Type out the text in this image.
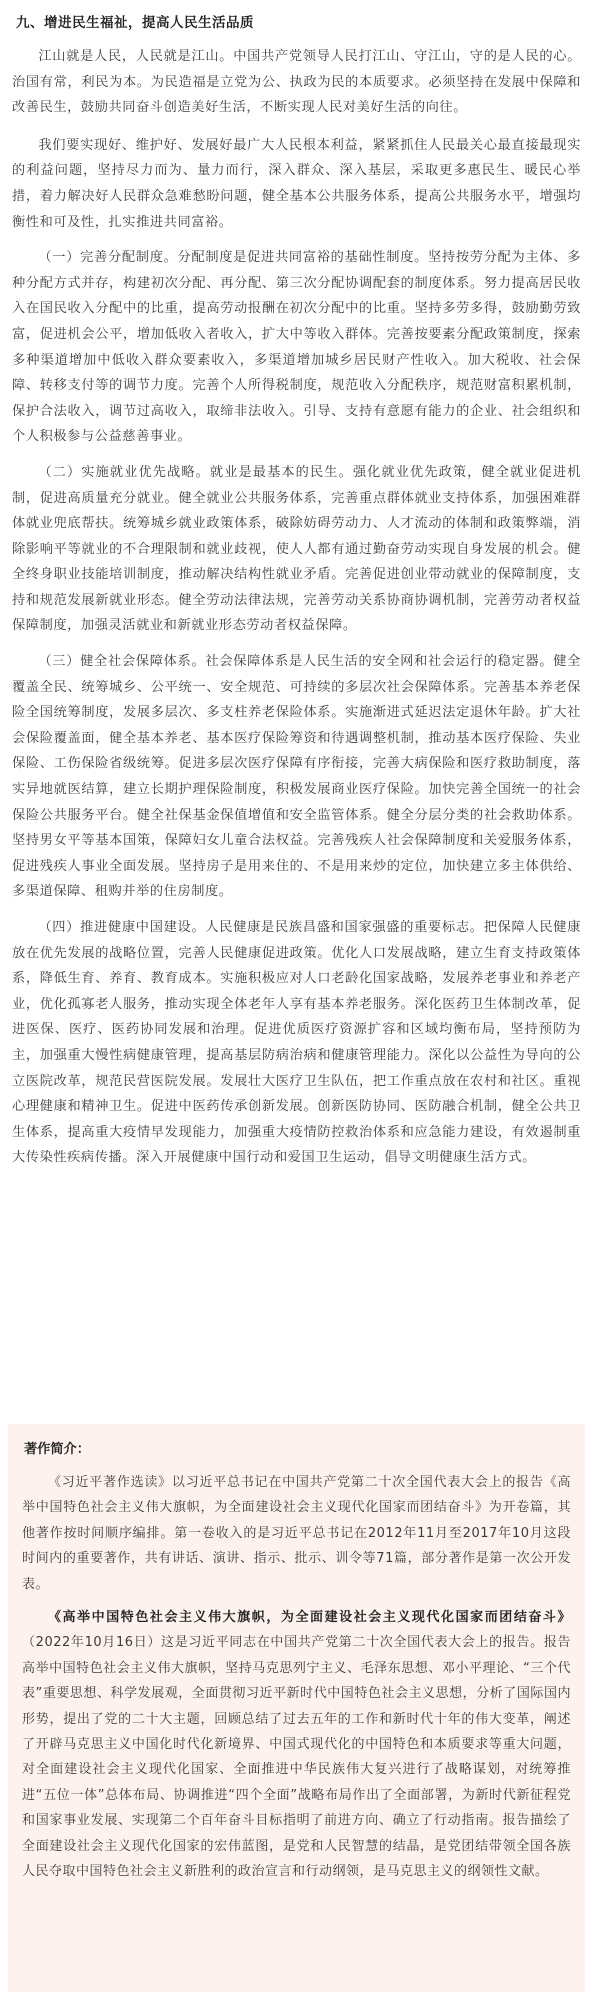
九、增进民生福祉，提高人民生活品质

江山就是人民，人民就是江山。中国共产党领导人民打江山、守江山，守的是人民的心。治国有常，利民为本。为民造福是立党为公、执政为民的本质要求。必须坚持在发展中保障和改善民生，鼓励共同奋斗创造美好生活，不断实现人民对美好生活的向往。

我们要实现好、维护好、发展好最广大人民根本利益，紧紧抓住人民最关心最直接最现实的利益问题，坚持尽力而为、量力而行，深入群众、深入基层，采取更多惠民生、暖民心举措，着力解决好人民群众急难愁盼问题，健全基本公共服务体系，提高公共服务水平，增强均衡性和可及性，扎实推进共同富裕。

（一）完善分配制度。分配制度是促进共同富裕的基础性制度。坚持按劳分配为主体、多种分配方式并存，构建初次分配、再分配、第三次分配协调配套的制度体系。努力提高居民收入在国民收入分配中的比重，提高劳动报酬在初次分配中的比重。坚持多劳多得，鼓励勤劳致富，促进机会公平，增加低收入者收入，扩大中等收入群体。完善按要素分配政策制度，探索多种渠道增加中低收入群众要素收入，多渠道增加城乡居民财产性收入。加大税收、社会保障、转移支付等的调节力度。完善个人所得税制度，规范收入分配秩序，规范财富积累机制，保护合法收入，调节过高收入，取缔非法收入。引导、支持有意愿有能力的企业、社会组织和个人积极参与公益慈善事业。

（二）实施就业优先战略。就业是最基本的民生。强化就业优先政策，健全就业促进机制，促进高质量充分就业。健全就业公共服务体系，完善重点群体就业支持体系，加强困难群体就业兜底帮扶。统筹城乡就业政策体系，破除妨碍劳动力、人才流动的体制和政策弊端，消除影响平等就业的不合理限制和就业歧视，使人人都有通过勤奋劳动实现自身发展的机会。健全终身职业技能培训制度，推动解决结构性就业矛盾。完善促进创业带动就业的保障制度，支持和规范发展新就业形态。健全劳动法律法规，完善劳动关系协商协调机制，完善劳动者权益保障制度，加强灵活就业和新就业形态劳动者权益保障。

（三）健全社会保障体系。社会保障体系是人民生活的安全网和社会运行的稳定器。健全覆盖全民、统筹城乡、公平统一、安全规范、可持续的多层次社会保障体系。完善基本养老保险全国统筹制度，发展多层次、多支柱养老保险体系。实施渐进式延迟法定退休年龄。扩大社会保险覆盖面，健全基本养老、基本医疗保险筹资和待遇调整机制，推动基本医疗保险、失业保险、工伤保险省级统筹。促进多层次医疗保障有序衔接，完善大病保险和医疗救助制度，落实异地就医结算，建立长期护理保险制度，积极发展商业医疗保险。加快完善全国统一的社会保险公共服务平台。健全社保基金保值增值和安全监管体系。健全分层分类的社会救助体系。坚持男女平等基本国策，保障妇女儿童合法权益。完善残疾人社会保障制度和关爱服务体系，促进残疾人事业全面发展。坚持房子是用来住的、不是用来炒的定位，加快建立多主体供给、多渠道保障、租购并举的住房制度。

（四）推进健康中国建设。人民健康是民族昌盛和国家强盛的重要标志。把保障人民健康放在优先发展的战略位置，完善人民健康促进政策。优化人口发展战略，建立生育支持政策体系，降低生育、养育、教育成本。实施积极应对人口老龄化国家战略，发展养老事业和养老产业，优化孤寡老人服务，推动实现全体老年人享有基本养老服务。深化医药卫生体制改革，促进医保、医疗、医药协同发展和治理。促进优质医疗资源扩容和区域均衡布局，坚持预防为主，加强重大慢性病健康管理，提高基层防病治病和健康管理能力。深化以公益性为导向的公立医院改革，规范民营医院发展。发展壮大医疗卫生队伍，把工作重点放在农村和社区。重视心理健康和精神卫生。促进中医药传承创新发展。创新医防协同、医防融合机制，健全公共卫生体系，提高重大疫情早发现能力，加强重大疫情防控救治体系和应急能力建设，有效遏制重大传染性疾病传播。深入开展健康中国行动和爱国卫生运动，倡导文明健康生活方式。

著作简介：

《习近平著作选读》以习近平总书记在中国共产党第二十次全国代表大会上的报告《高举中国特色社会主义伟大旗帜，为全面建设社会主义现代化国家而团结奋斗》为开卷篇，其他著作按时间顺序编排。第一卷收入的是习近平总书记在2012年11月至2017年10月这段时间内的重要著作，共有讲话、演讲、指示、批示、训令等71篇，部分著作是第一次公开发表。

《高举中国特色社会主义伟大旗帜，为全面建设社会主义现代化国家而团结奋斗》（2022年10月16日）这是习近平同志在中国共产党第二十次全国代表大会上的报告。报告高举中国特色社会主义伟大旗帜，坚持马克思列宁主义、毛泽东思想、邓小平理论、“三个代表”重要思想、科学发展观，全面贯彻习近平新时代中国特色社会主义思想，分析了国际国内形势，提出了党的二十大主题，回顾总结了过去五年的工作和新时代十年的伟大变革，阐述了开辟马克思主义中国化时代化新境界、中国式现代化的中国特色和本质要求等重大问题，对全面建设社会主义现代化国家、全面推进中华民族伟大复兴进行了战略谋划，对统筹推进“五位一体”总体布局、协调推进“四个全面”战略布局作出了全面部署，为新时代新征程党和国家事业发展、实现第二个百年奋斗目标指明了前进方向、确立了行动指南。报告描绘了全面建设社会主义现代化国家的宏伟蓝图，是党和人民智慧的结晶，是党团结带领全国各族人民夺取中国特色社会主义新胜利的政治宣言和行动纲领，是马克思主义的纲领性文献。
